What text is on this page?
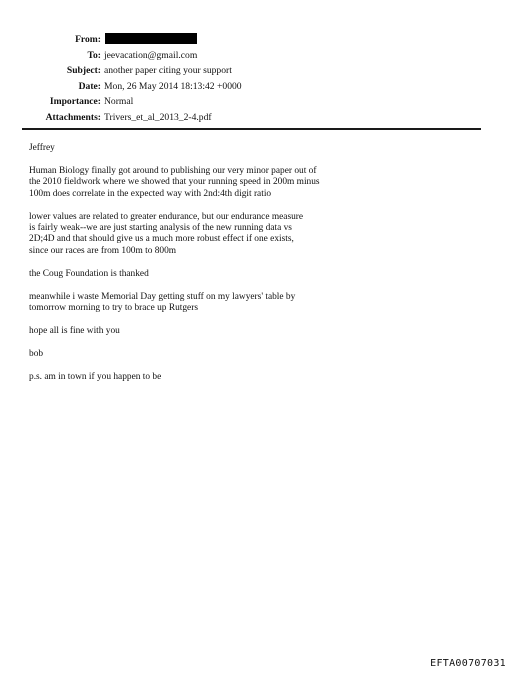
From:
To: jeevacation@gmail.com
Subject: another paper citing your support
Date: Mon, 26 May 2014 18:13:42 +0000
Importance: Normal
Attachments: Trivers_et_al_2013_2-4.pdf

Jeffrey

Human Biology finally got around to publishing our very minor paper out of
the 2010 fieldwork where we showed that your running speed in 200m minus
100m does correlate in the expected way with 2nd:4th digit ratio

lower values are related to greater endurance, but our endurance measure
is fairly weak--we are just starting analysis of the new running data vs
2D;4D and that should give us a much more robust effect if one exists,
since our races are from 100m to 800m

the Coug Foundation is thanked

meanwhile i waste Memorial Day getting stuff on my lawyers' table by
tomorrow morning to try to brace up Rutgers

hope all is fine with you

bob

p.s. am in town if you happen to be

EFTA00707031
